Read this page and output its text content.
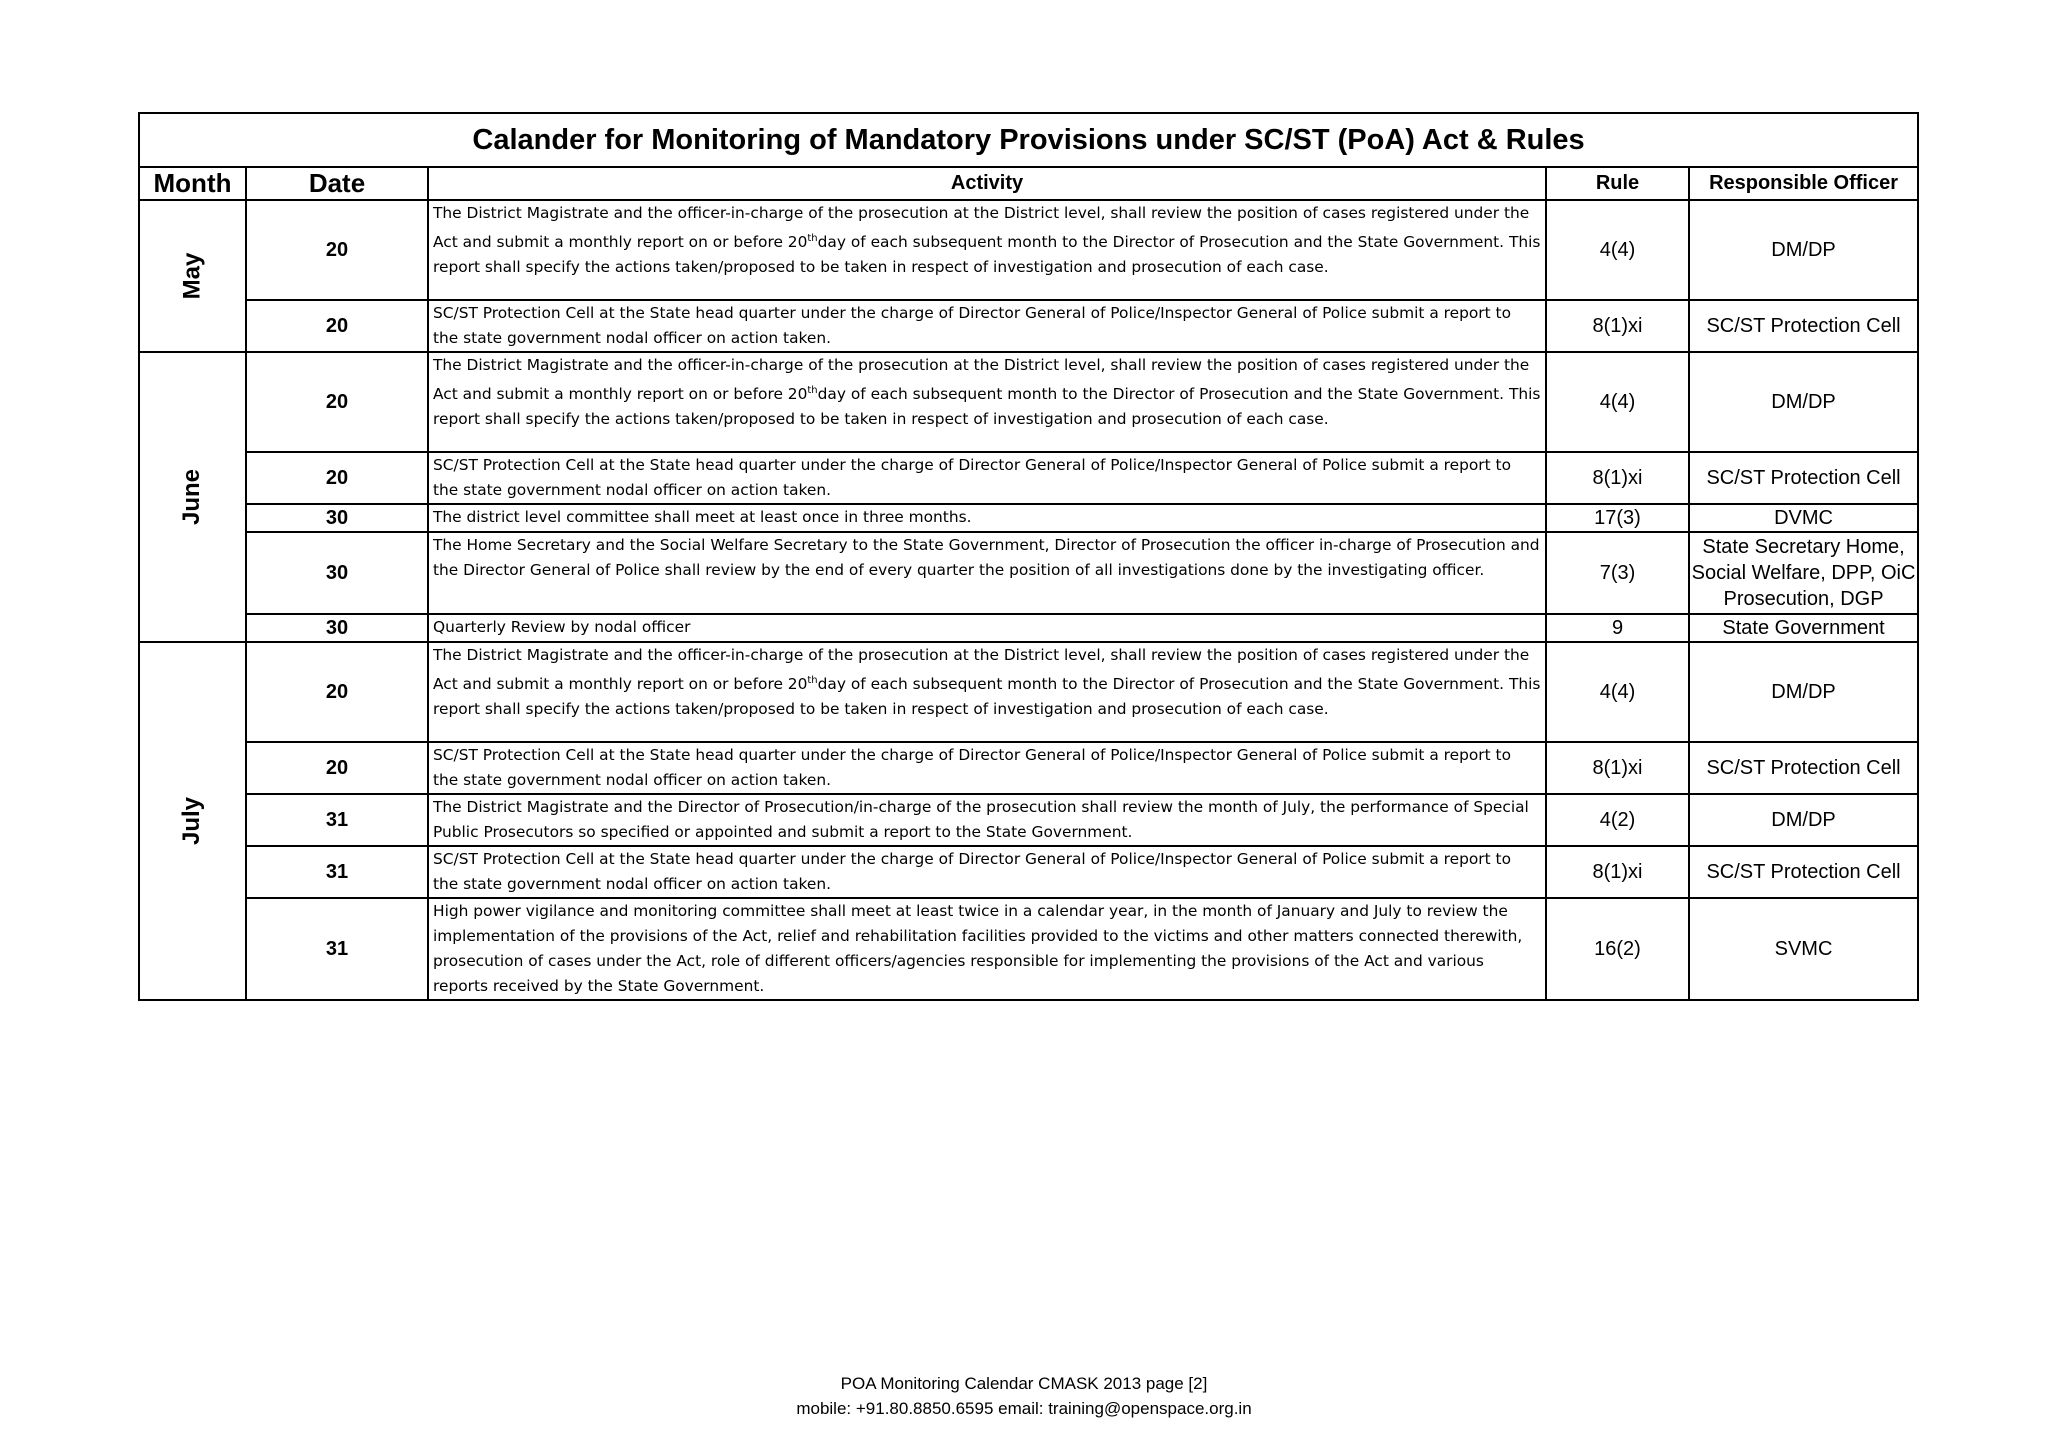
Calander for Monitoring of Mandatory Provisions under SC/ST (PoA) Act & Rules				
Month	Date	Activity	Rule	Responsible Officer
May	20	The District Magistrate and the officer-in-charge of the prosecution at the District level, shall review the position of cases registered under the Act and submit a monthly report on or before 20thday of each subsequent month to the Director of Prosecution and the State Government. This report shall specify the actions taken/proposed to be taken in respect of investigation and prosecution of each case.	4(4)	DM/DP
	20	SC/ST Protection Cell at the State head quarter under the charge of Director General of Police/Inspector General of Police submit a report to the state government nodal officer on action taken.	8(1)xi	SC/ST Protection Cell
June	20	The District Magistrate and the officer-in-charge of the prosecution at the District level, shall review the position of cases registered under the Act and submit a monthly report on or before 20thday of each subsequent month to the Director of Prosecution and the State Government. This report shall specify the actions taken/proposed to be taken in respect of investigation and prosecution of each case.	4(4)	DM/DP
	20	SC/ST Protection Cell at the State head quarter under the charge of Director General of Police/Inspector General of Police submit a report to the state government nodal officer on action taken.	8(1)xi	SC/ST Protection Cell
	30	The district level committee shall meet at least once in three months.	17(3)	DVMC
	30	The Home Secretary and the Social Welfare Secretary to the State Government, Director of Prosecution the officer in-charge of Prosecution and the Director General of Police shall review by the end of every quarter the position of all investigations done by the investigating officer.	7(3)	State Secretary Home, Social Welfare, DPP, OiC Prosecution, DGP
	30	Quarterly Review by nodal officer	9	State Government
July	20	The District Magistrate and the officer-in-charge of the prosecution at the District level, shall review the position of cases registered under the Act and submit a monthly report on or before 20thday of each subsequent month to the Director of Prosecution and the State Government. This report shall specify the actions taken/proposed to be taken in respect of investigation and prosecution of each case.	4(4)	DM/DP
	20	SC/ST Protection Cell at the State head quarter under the charge of Director General of Police/Inspector General of Police submit a report to the state government nodal officer on action taken.	8(1)xi	SC/ST Protection Cell
	31	The District Magistrate and the Director of Prosecution/in-charge of the prosecution shall review the month of July, the performance of Special Public Prosecutors so specified or appointed and submit a report to the State Government.	4(2)	DM/DP
	31	SC/ST Protection Cell at the State head quarter under the charge of Director General of Police/Inspector General of Police submit a report to the state government nodal officer on action taken.	8(1)xi	SC/ST Protection Cell
	31	High power vigilance and monitoring committee shall meet at least twice in a calendar year, in the month of January and July to review the implementation of the provisions of the Act, relief and rehabilitation facilities provided to the victims and other matters connected therewith, prosecution of cases under the Act, role of different officers/agencies responsible for implementing the provisions of the Act and various reports received by the State Government.	16(2)	SVMC
POA Monitoring Calendar CMASK 2013 page [2]
mobile: +91.80.8850.6595 email: training@openspace.org.in
